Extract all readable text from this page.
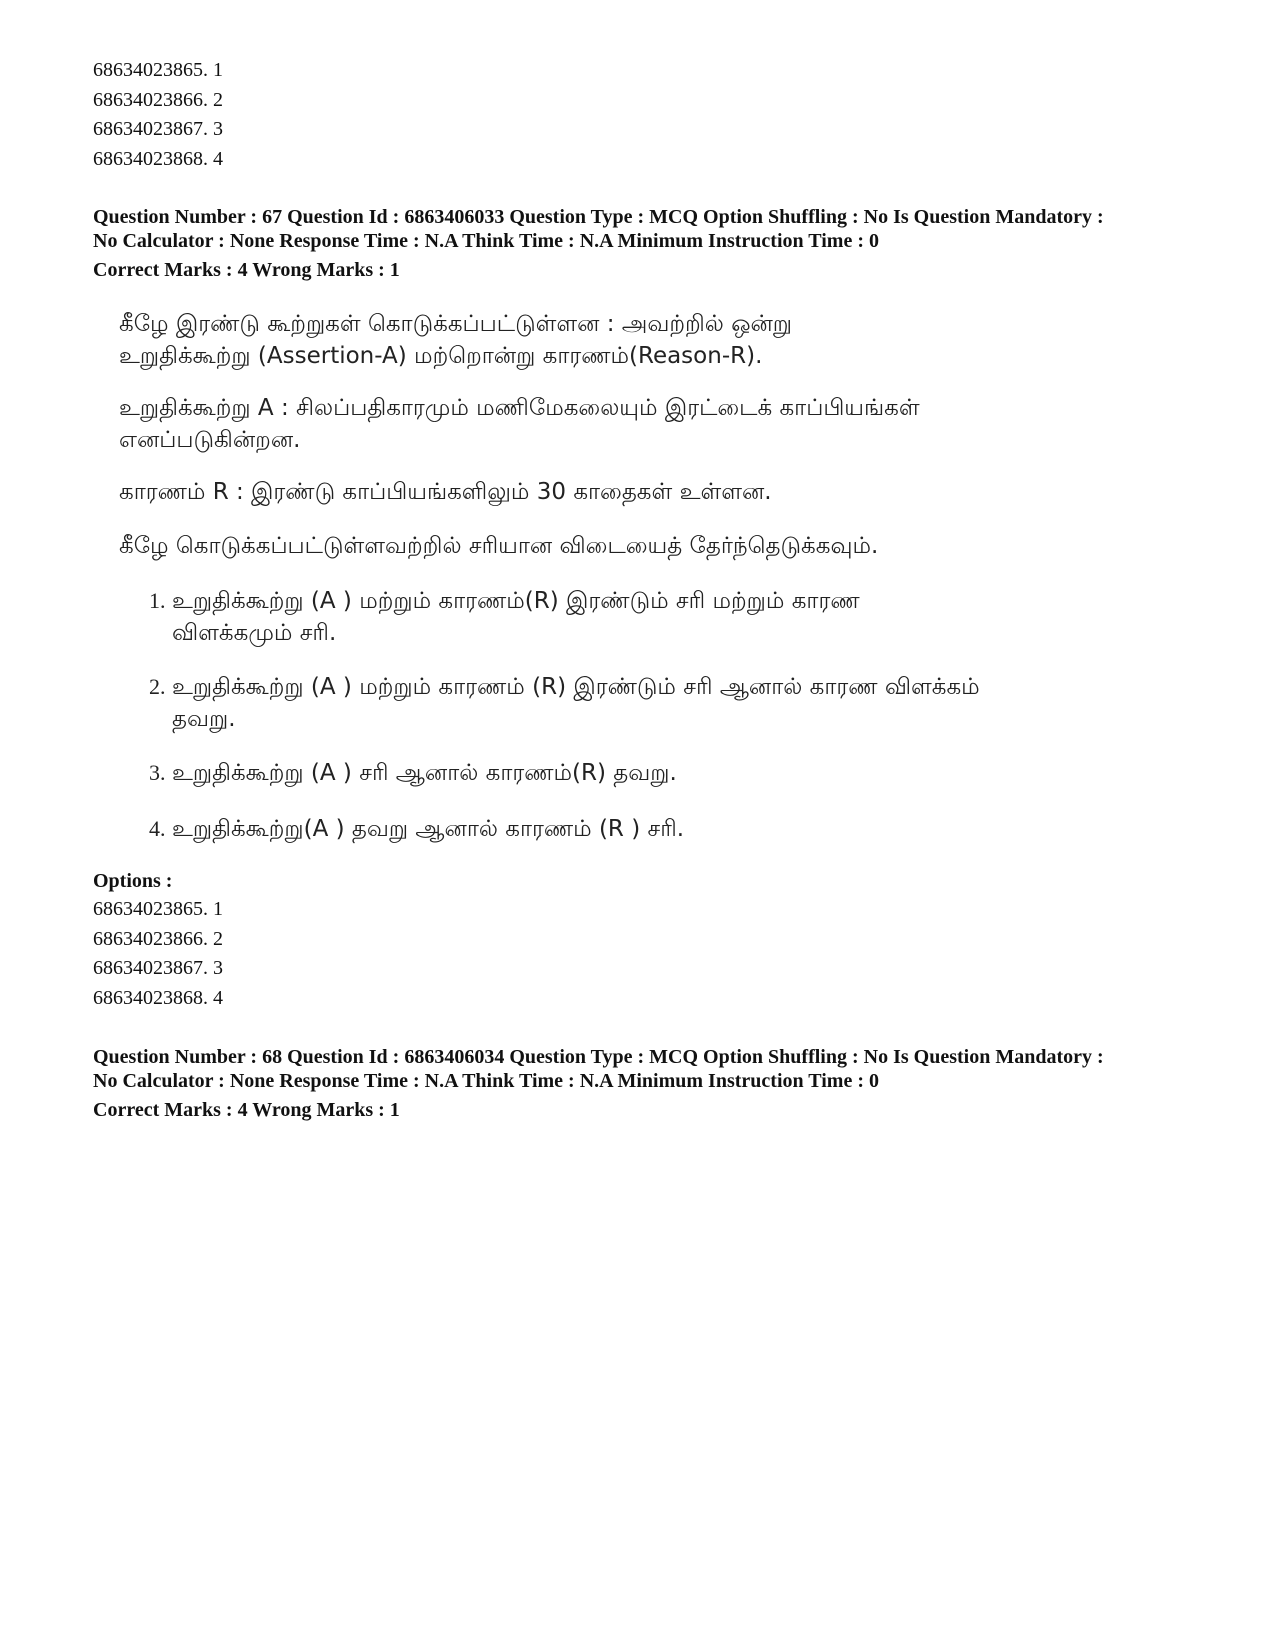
68634023865. 1
68634023866. 2
68634023867. 3
68634023868. 4
Question Number : 67 Question Id : 6863406033 Question Type : MCQ Option Shuffling : No Is Question Mandatory :
No Calculator : None Response Time : N.A Think Time : N.A Minimum Instruction Time : 0
Correct Marks : 4 Wrong Marks : 1
கீழே இரண்டு கூற்றுகள் கொடுக்கப்பட்டுள்ளன : அவற்றில் ஒன்று
உறுதிக்கூற்று (Assertion-A) மற்றொன்று காரணம்(Reason-R).
உறுதிக்கூற்று A : சிலப்பதிகாரமும் மணிமேகலையும் இரட்டைக் காப்பியங்கள்
எனப்படுகின்றன.
காரணம் R : இரண்டு காப்பியங்களிலும் 30 காதைகள் உள்ளன.
கீழே கொடுக்கப்பட்டுள்ளவற்றில் சரியான விடையைத் தேர்ந்தெடுக்கவும்.
1. உறுதிக்கூற்று (A ) மற்றும் காரணம்(R) இரண்டும் சரி மற்றும் காரண
விளக்கமும் சரி.
2. உறுதிக்கூற்று (A ) மற்றும் காரணம் (R) இரண்டும் சரி ஆனால் காரண விளக்கம்
தவறு.
3. உறுதிக்கூற்று (A ) சரி ஆனால் காரணம்(R) தவறு.
4. உறுதிக்கூற்று(A ) தவறு ஆனால் காரணம் (R ) சரி.
Options :
68634023865. 1
68634023866. 2
68634023867. 3
68634023868. 4
Question Number : 68 Question Id : 6863406034 Question Type : MCQ Option Shuffling : No Is Question Mandatory :
No Calculator : None Response Time : N.A Think Time : N.A Minimum Instruction Time : 0
Correct Marks : 4 Wrong Marks : 1
